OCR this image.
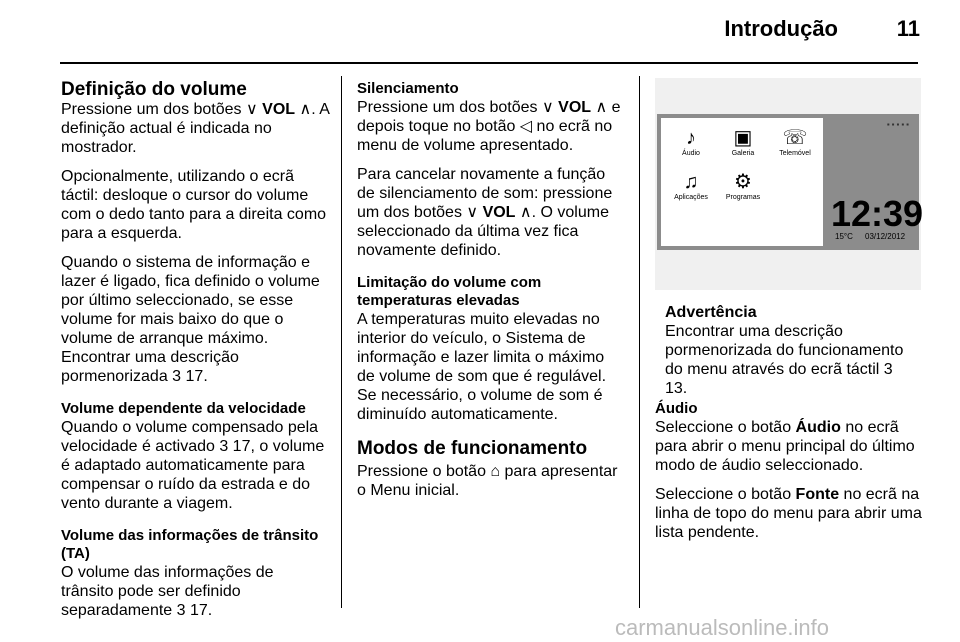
Introdução	11

Definição do volume

Pressione um dos botões ∨ VOL ∧. A definição actual é indicada no mostrador.

Opcionalmente, utilizando o ecrã táctil: desloque o cursor do volume com o dedo tanto para a direita como para a esquerda.

Quando o sistema de informação e lazer é ligado, fica definido o volume por último seleccionado, se esse volume for mais baixo do que o volume de arranque máximo. Encontrar uma descrição pormenorizada 3 17.

Volume dependente da velocidade

Quando o volume compensado pela velocidade é activado 3 17, o volume é adaptado automaticamente para compensar o ruído da estrada e do vento durante a viagem.

Volume das informações de trânsito (TA)

O volume das informações de trânsito pode ser definido separadamente 3 17.

Silenciamento

Pressione um dos botões ∨ VOL ∧ e depois toque no botão ◁ no ecrã no menu de volume apresentado.

Para cancelar novamente a função de silenciamento de som: pressione um dos botões ∨ VOL ∧. O volume seleccionado da última vez fica novamente definido.

Limitação do volume com temperaturas elevadas

A temperaturas muito elevadas no interior do veículo, o Sistema de informação e lazer limita o máximo de volume de som que é regulável. Se necessário, o volume de som é diminuído automaticamente.

Modos de funcionamento

Pressione o botão ⌂ para apresentar o Menu inicial.

♪
Áudio
▣
Galeria
☏
Telemóvel
♫
Aplicações
⚙
Programas
▪▪▪▪▪
12:39
15°C 03/12/2012
Advertência
Encontrar uma descrição pormenorizada do funcionamento do menu através do ecrã táctil 3 13.

Áudio

Seleccione o botão Áudio no ecrã para abrir o menu principal do último modo de áudio seleccionado.

Seleccione o botão Fonte no ecrã na linha de topo do menu para abrir uma lista pendente.

carmanualsonline.info
